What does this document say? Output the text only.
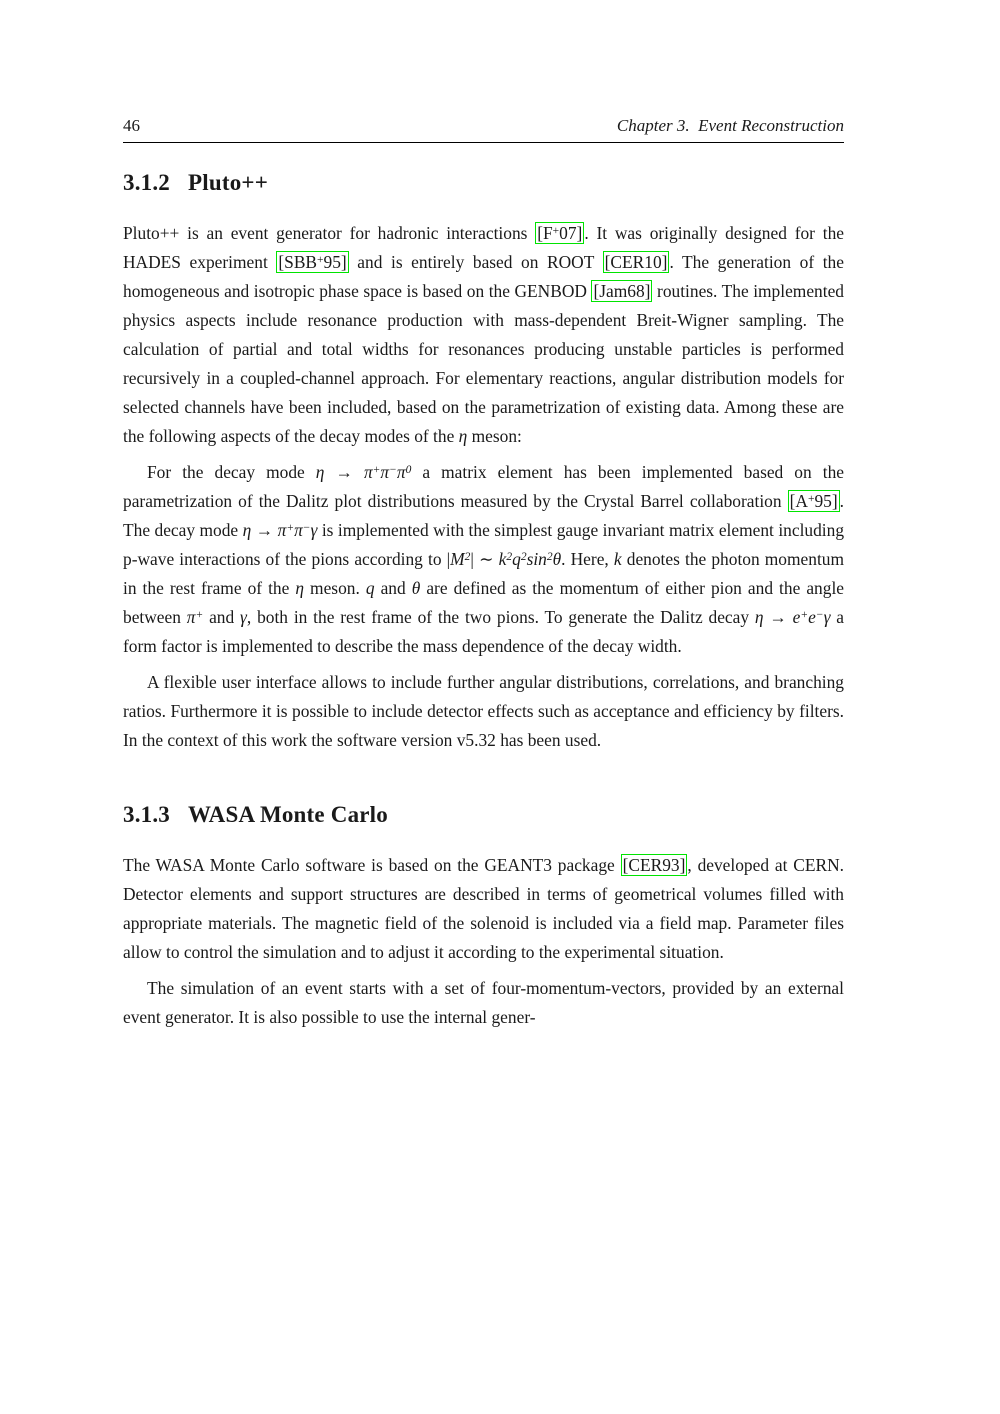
46	Chapter 3.  Event Reconstruction
3.1.2 Pluto++

Pluto++ is an event generator for hadronic interactions [F+07] . It was originally designed for the HADES experiment [SBB+95] and is entirely based on ROOT [CER10] . The generation of the homogeneous and isotropic phase space is based on the GENBOD [Jam68] routines. The implemented physics aspects include resonance production with mass-dependent Breit-Wigner sampling. The calculation of partial and total widths for resonances producing unstable particles is performed recursively in a coupled-channel approach. For elementary reactions, angular distribution models for selected channels have been included, based on the parametrization of existing data. Among these are the following aspects of the decay modes of the η meson:

For the decay mode $\eta \to \pi^+\pi^-\pi^0$ a matrix element has been implemented based on the parametrization of the Dalitz plot distributions measured by the Crystal Barrel collaboration [A+95] . The decay mode η → π+π−γ is implemented with the simplest gauge invariant matrix element including p-wave interactions of the pions according to $|M^2|$ ∼ $k^2q^2\sin^2\theta$. Here, k denotes the photon momentum in the rest frame of the η meson. q and θ are defined as the momentum of either pion and the angle between π+ and γ, both in the rest frame of the two pions. To generate the Dalitz decay η → e+e−γ a form factor is implemented to describe the mass dependence of the decay width.

A flexible user interface allows to include further angular distributions, correlations, and branching ratios. Furthermore it is possible to include detector effects such as acceptance and efficiency by filters. In the context of this work the software version v5.32 has been used.

3.1.3 WASA Monte Carlo

The WASA Monte Carlo software is based on the GEANT3 package [CER93] , developed at CERN. Detector elements and support structures are described in terms of geometrical volumes filled with appropriate materials. The magnetic field of the solenoid is included via a field map. Parameter files allow to control the simulation and to adjust it according to the experimental situation.

The simulation of an event starts with a set of four-momentum-vectors, provided by an external event generator. It is also possible to use the internal gener-
